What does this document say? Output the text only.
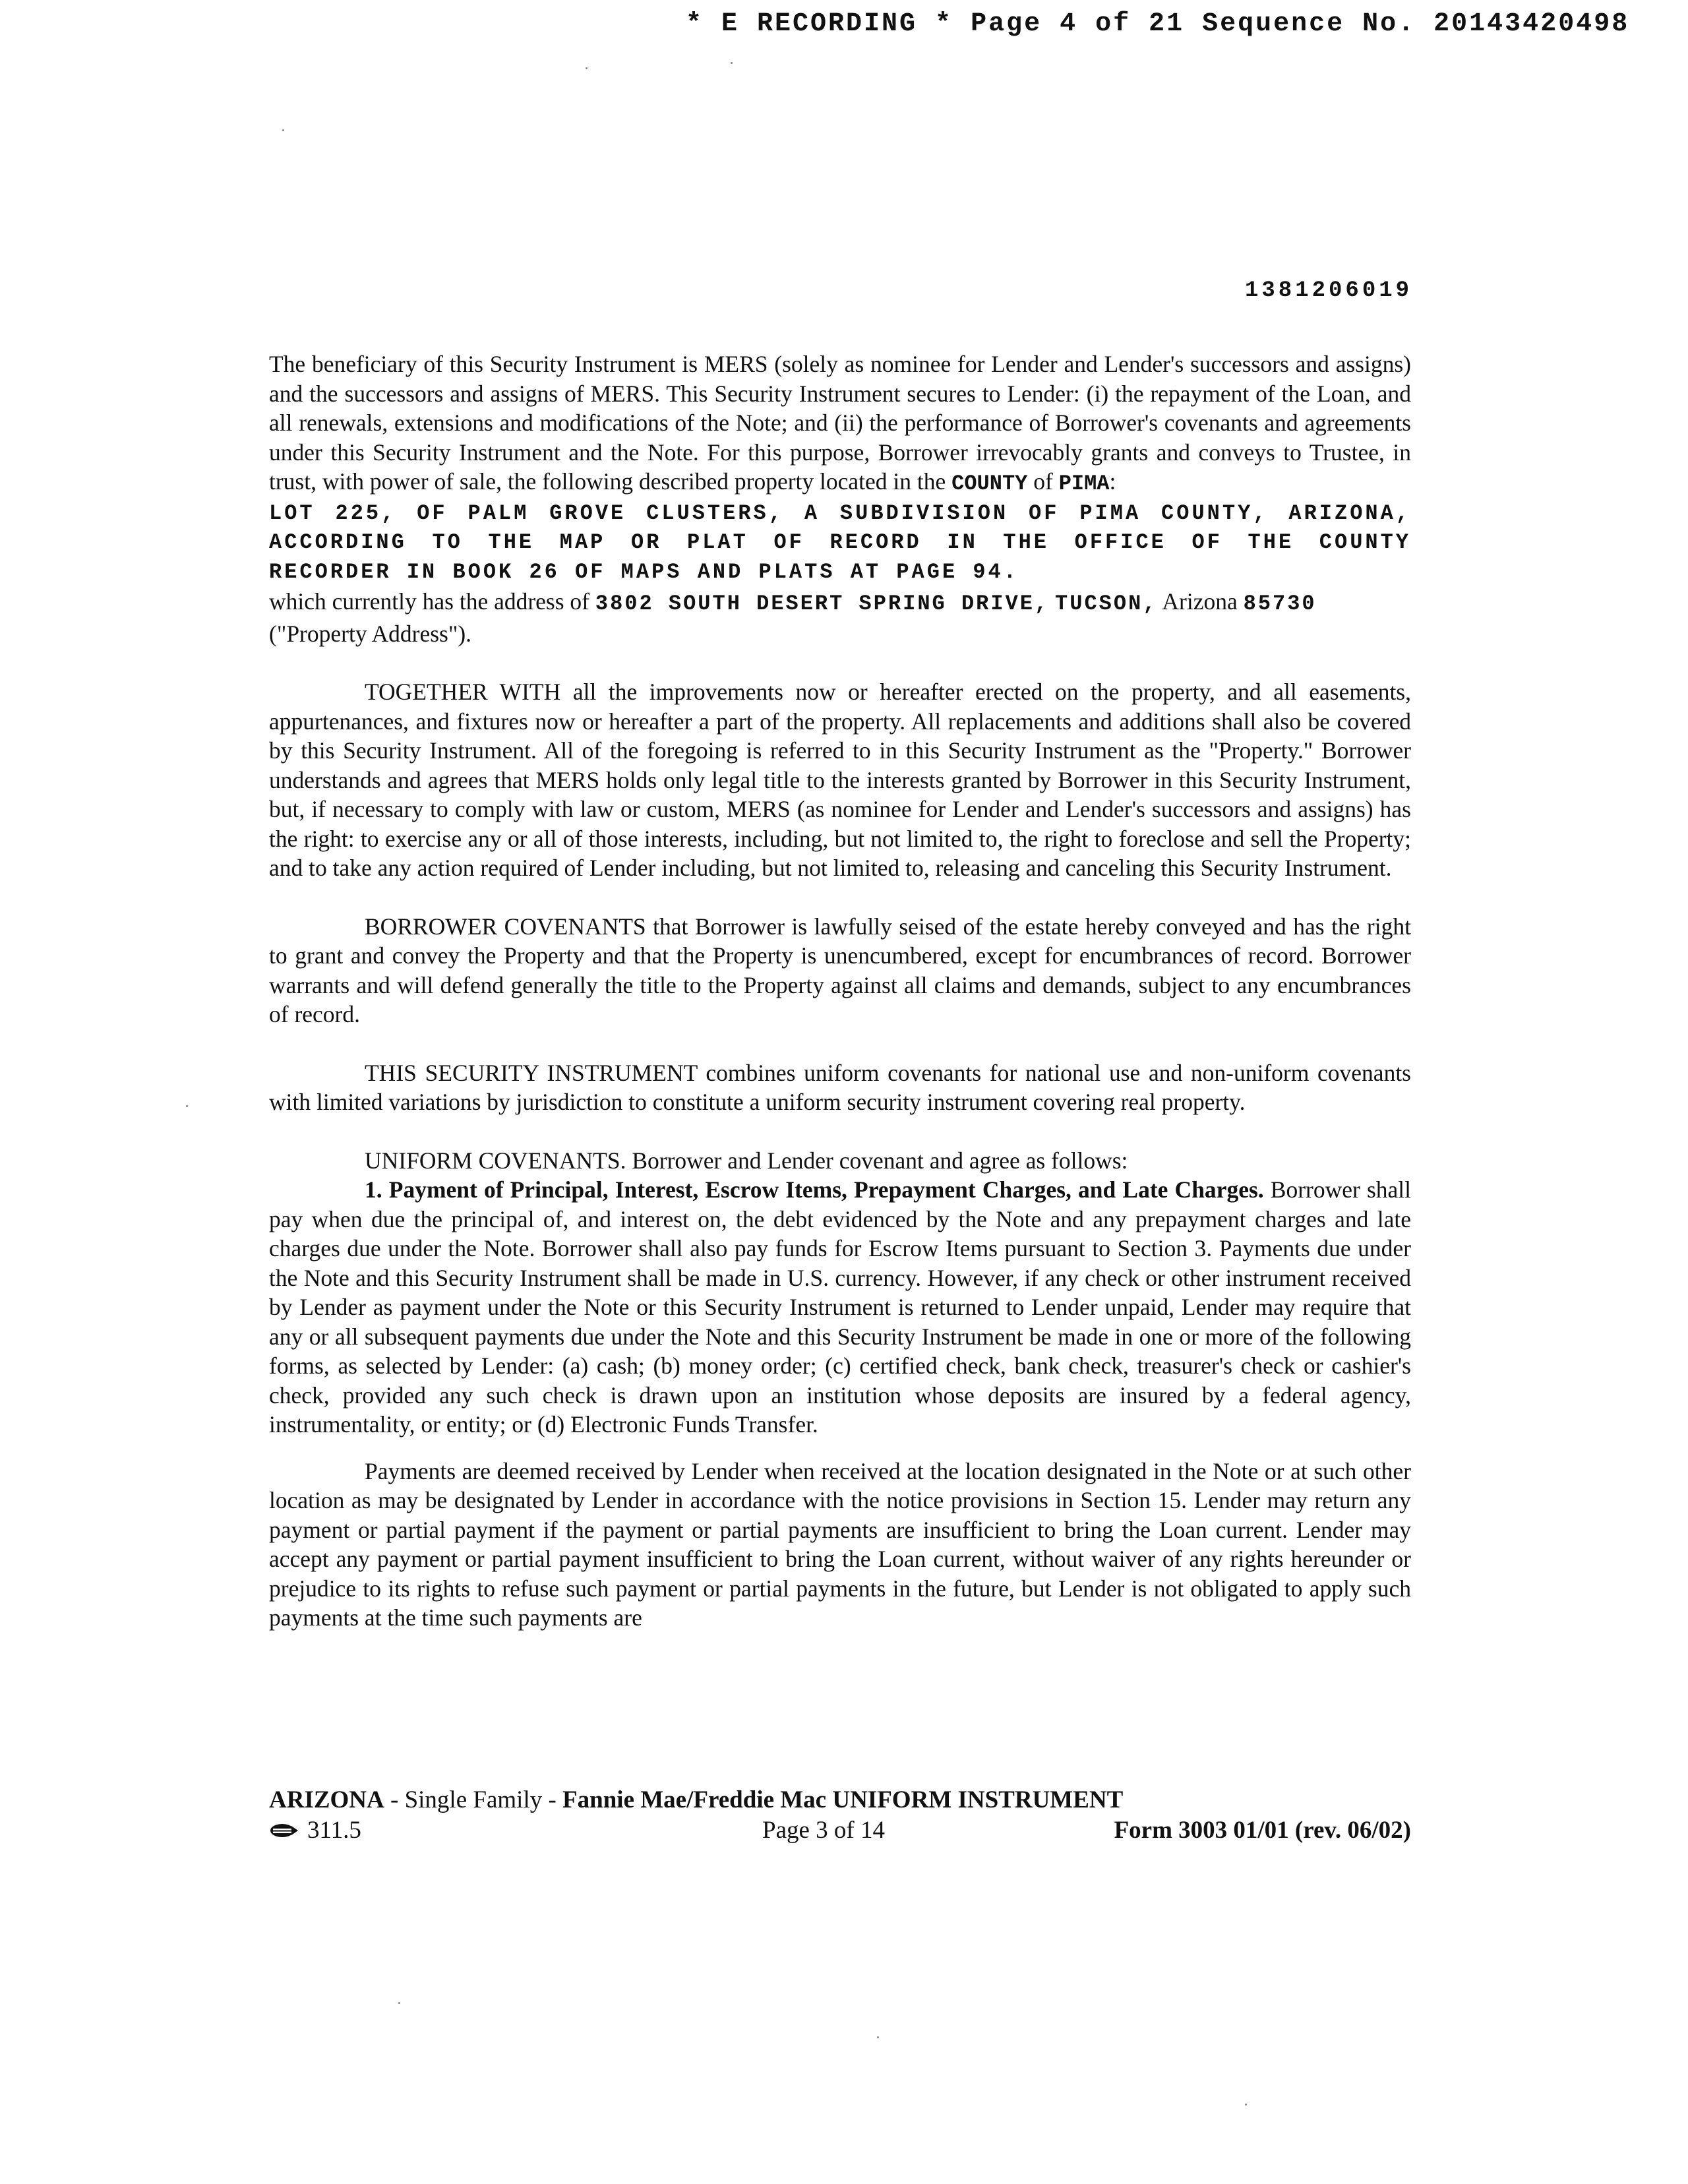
* E RECORDING * Page 4 of 21 Sequence No. 20143420498
1381206019

The beneficiary of this Security Instrument is MERS (solely as nominee for Lender and Lender's successors and assigns) and the successors and assigns of MERS. This Security Instrument secures to Lender: (i) the repayment of the Loan, and all renewals, extensions and modifications of the Note; and (ii) the performance of Borrower's covenants and agreements under this Security Instrument and the Note. For this purpose, Borrower irrevocably grants and conveys to Trustee, in trust, with power of sale, the following described property located in the COUNTY of PIMA:

LOT 225, OF PALM GROVE CLUSTERS, A SUBDIVISION OF PIMA COUNTY, ARIZONA, ACCORDING TO THE MAP OR PLAT OF RECORD IN THE OFFICE OF THE COUNTY RECORDER IN BOOK 26 OF MAPS AND PLATS AT PAGE 94.

which currently has the address of 3802 SOUTH DESERT SPRING DRIVE, TUCSON, Arizona 85730
("Property Address").

TOGETHER WITH all the improvements now or hereafter erected on the property, and all easements, appurtenances, and fixtures now or hereafter a part of the property. All replacements and additions shall also be covered by this Security Instrument. All of the foregoing is referred to in this Security Instrument as the "Property." Borrower understands and agrees that MERS holds only legal title to the interests granted by Borrower in this Security Instrument, but, if necessary to comply with law or custom, MERS (as nominee for Lender and Lender's successors and assigns) has the right: to exercise any or all of those interests, including, but not limited to, the right to foreclose and sell the Property; and to take any action required of Lender including, but not limited to, releasing and canceling this Security Instrument.

BORROWER COVENANTS that Borrower is lawfully seised of the estate hereby conveyed and has the right to grant and convey the Property and that the Property is unencumbered, except for encumbrances of record. Borrower warrants and will defend generally the title to the Property against all claims and demands, subject to any encumbrances of record.

THIS SECURITY INSTRUMENT combines uniform covenants for national use and non-uniform covenants with limited variations by jurisdiction to constitute a uniform security instrument covering real property.

UNIFORM COVENANTS. Borrower and Lender covenant and agree as follows:

1. Payment of Principal, Interest, Escrow Items, Prepayment Charges, and Late Charges. Borrower shall pay when due the principal of, and interest on, the debt evidenced by the Note and any prepayment charges and late charges due under the Note. Borrower shall also pay funds for Escrow Items pursuant to Section 3. Payments due under the Note and this Security Instrument shall be made in U.S. currency. However, if any check or other instrument received by Lender as payment under the Note or this Security Instrument is returned to Lender unpaid, Lender may require that any or all subsequent payments due under the Note and this Security Instrument be made in one or more of the following forms, as selected by Lender: (a) cash; (b) money order; (c) certified check, bank check, treasurer's check or cashier's check, provided any such check is drawn upon an institution whose deposits are insured by a federal agency, instrumentality, or entity; or (d) Electronic Funds Transfer.

Payments are deemed received by Lender when received at the location designated in the Note or at such other location as may be designated by Lender in accordance with the notice provisions in Section 15. Lender may return any payment or partial payment if the payment or partial payments are insufficient to bring the Loan current. Lender may accept any payment or partial payment insufficient to bring the Loan current, without waiver of any rights hereunder or prejudice to its rights to refuse such payment or partial payments in the future, but Lender is not obligated to apply such payments at the time such payments are

ARIZONA - Single Family - Fannie Mae/Freddie Mac UNIFORM INSTRUMENT
311.5	Page 3 of 14	Form 3003 01/01 (rev. 06/02)
